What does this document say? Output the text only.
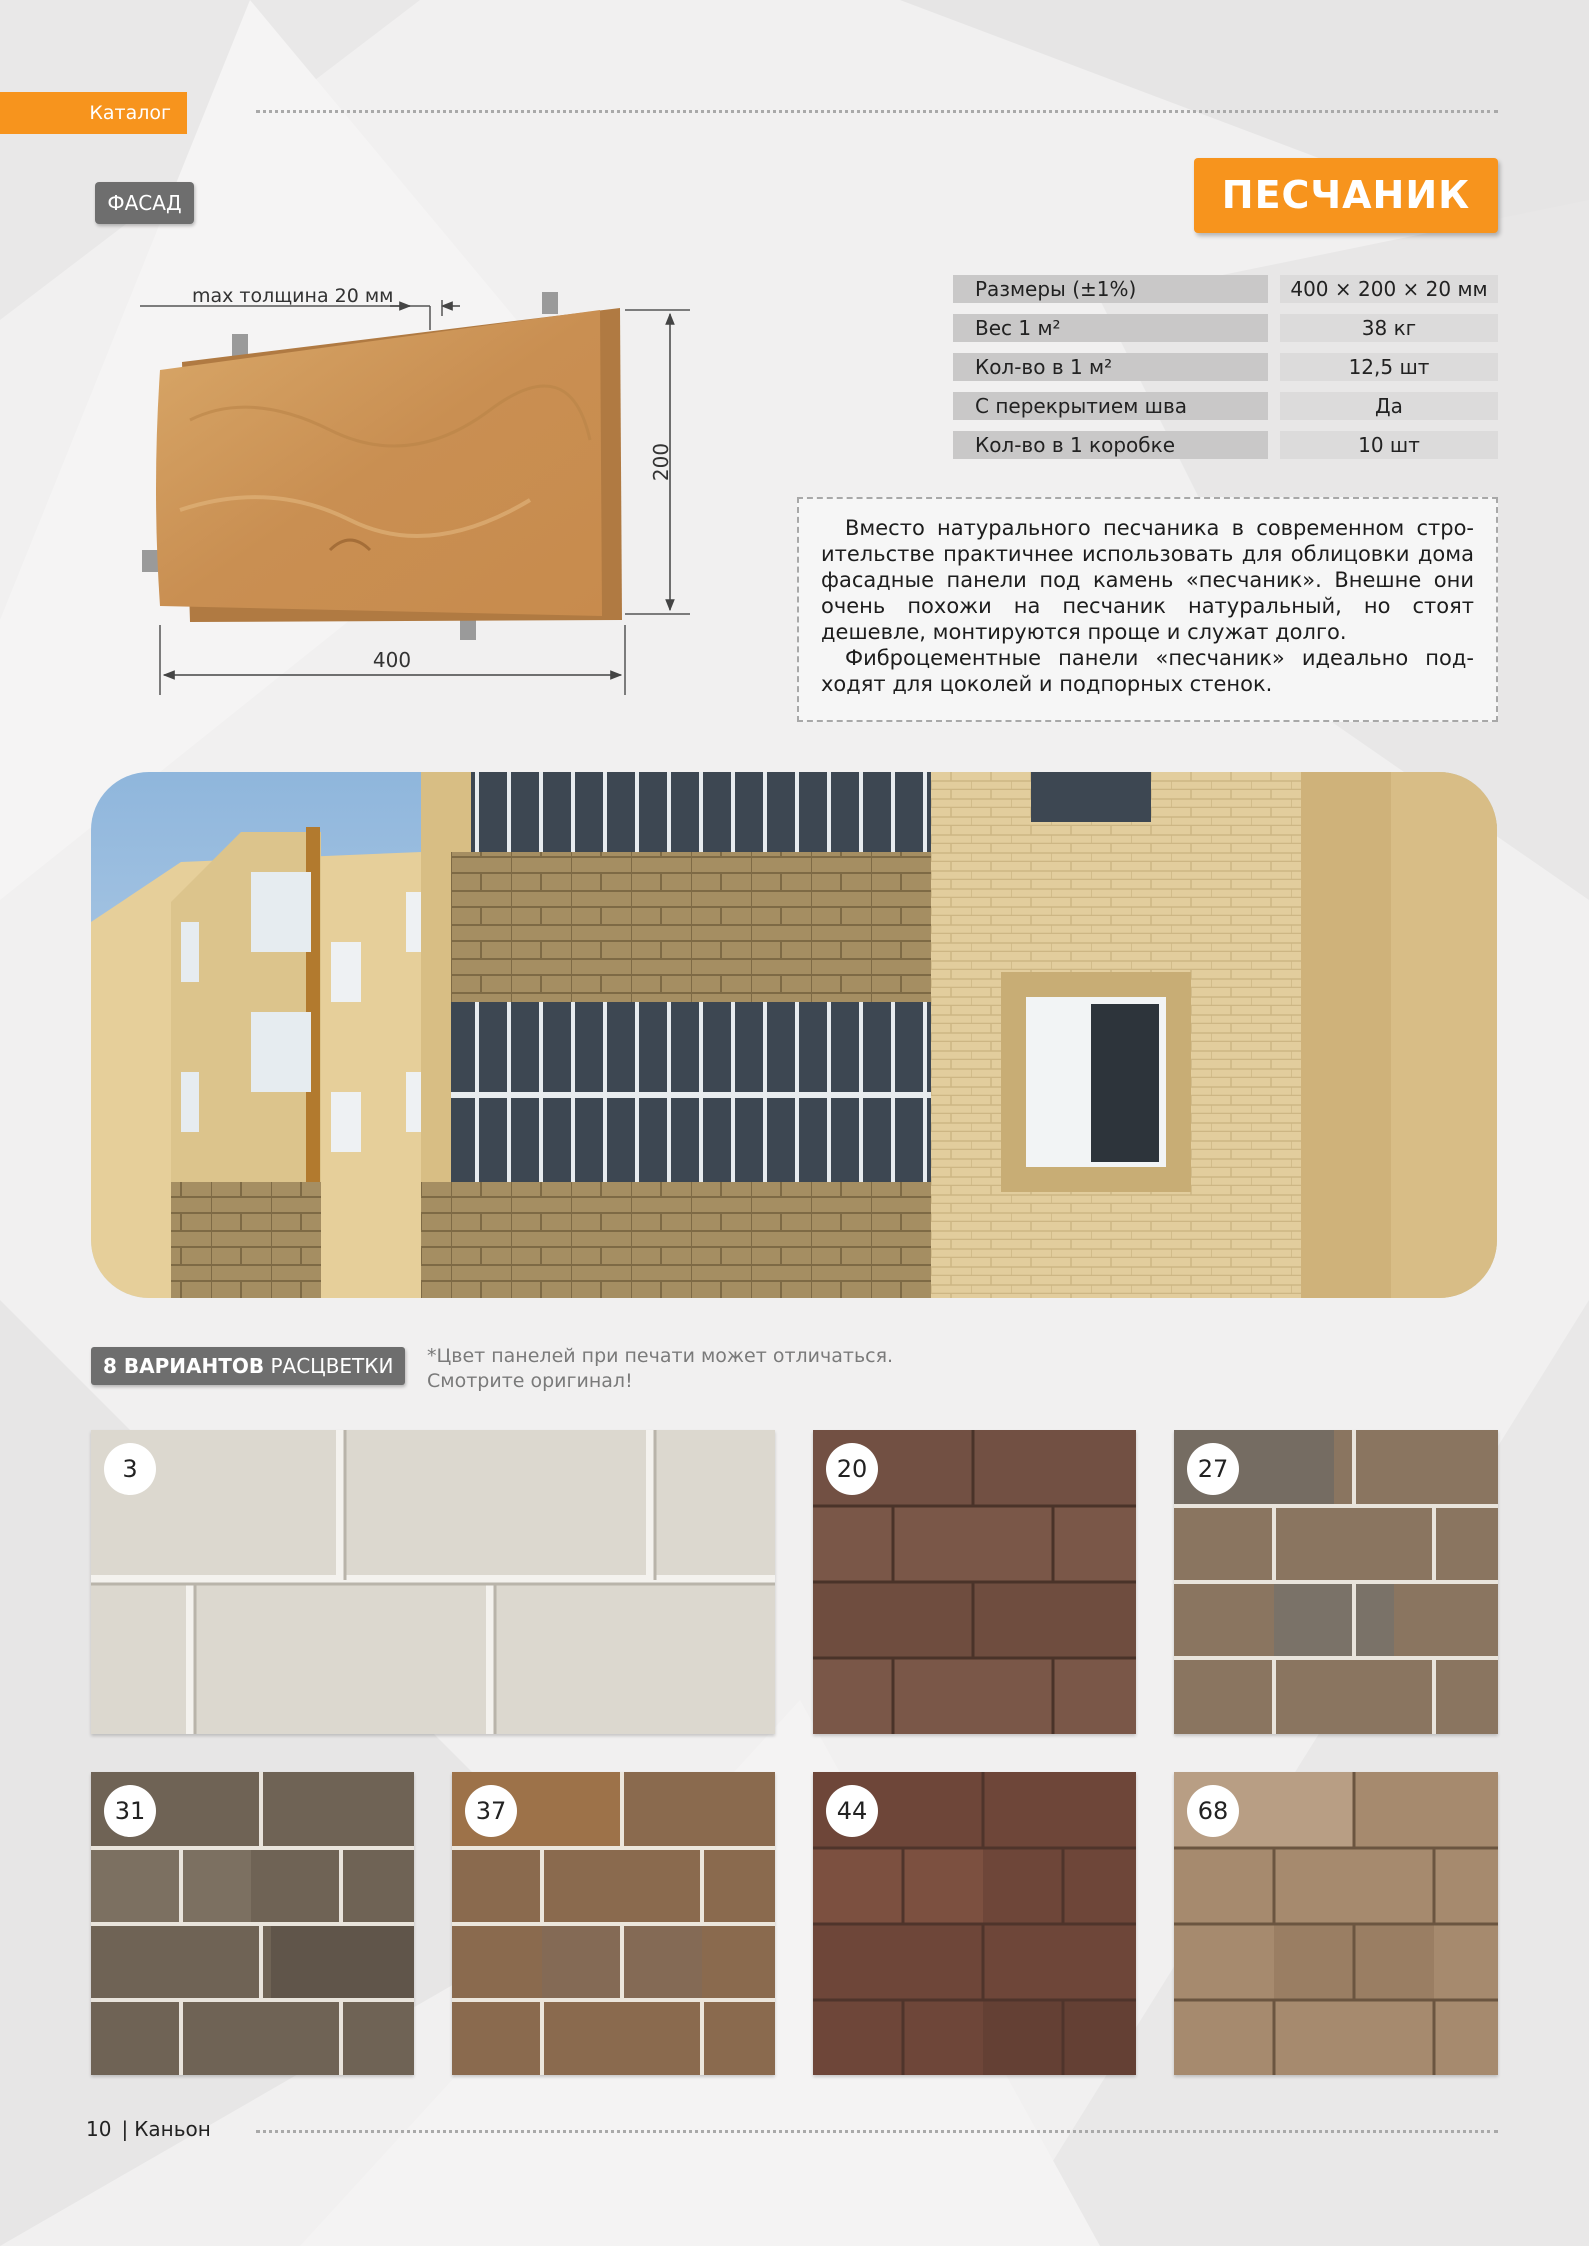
Каталог
ФАСАД	ПЕСЧАНИК
max толщина 20 мм
400
200
Размеры (±1%)	400 × 200 × 20 мм
Вес 1 м²	38 кг
Кол-во в 1 м²	12,5 шт
С перекрытием шва	Да
Кол-во в 1 коробке	10 шт

Вместо натурального песчаника в современном стро-ительстве практичнее использовать для облицовки дома фасадные панели под камень «песчаник». Внешне они очень похожи на песчаник натуральный, но стоят дешевле, монтируются проще и служат долго.

Фиброцементные панели «песчаник» идеально под-ходят для цоколей и подпорных стенок.

8 ВАРИАНТОВ РАСЦВЕТКИ	*Цвет панелей при печати может отличаться.
Смотрите оригинал!
3	20	27
31	37	44	68
10 | Каньон
